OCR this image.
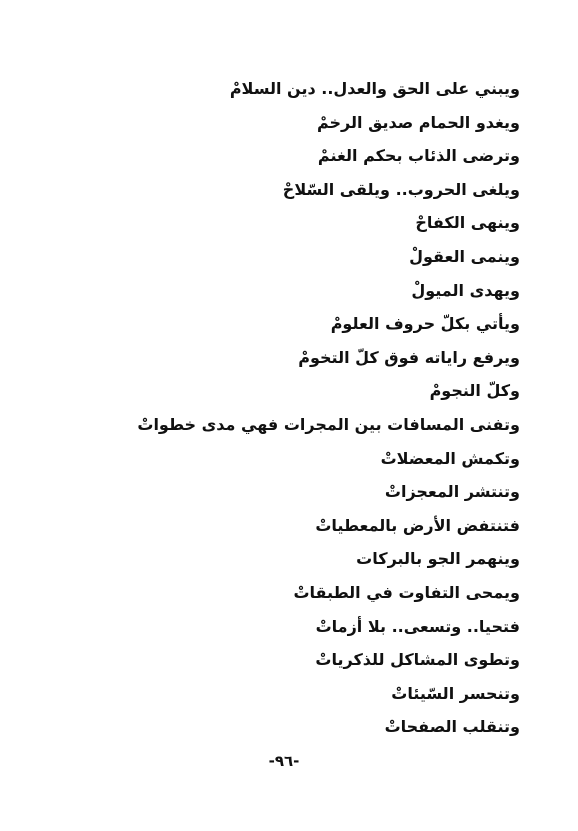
ويبني على الحق والعدل.. دين السلامْ
ويغدو الحمام صديق الرخمْ
وترضى الذئاب بحكم الغنمْ
ويلغى الحروب.. ويلقى السّلاحْ
وينهى الكفاحْ
وينمى العقولْ
ويهدى الميولْ
ويأتي بكلّ حروف العلومْ
ويرفع راياته فوق كلّ التخومْ
وكلّ النجومْ
وتفنى المسافات بين المجرات فهي مدى خطواتْ
وتكمش المعضلاتْ
وتنتشر المعجزاتْ
فتنتفض الأرض بالمعطياتْ
وينهمر الجو بالبركات
ويمحى التفاوت في الطبقاتْ
فتحيا.. وتسعى.. بلا أزماتْ
وتطوى المشاكل للذكرياتْ
وتنحسر السّيئاتْ
وتنقلب الصفحاتْ
-٩٦-
